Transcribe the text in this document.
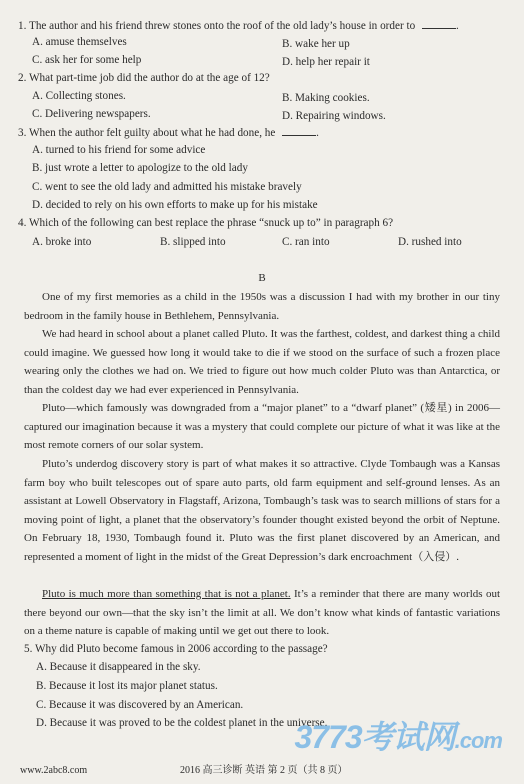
1. The author and his friend threw stones onto the roof of the old lady’s house in order to	.
A. amuse themselves	B. wake her up
C. ask her for some help	D. help her repair it
2. What part-time job did the author do at the age of 12?
A. Collecting stones.	B. Making cookies.
C. Delivering newspapers.	D. Repairing windows.
3. When the author felt guilty about what he had done, he	.
A. turned to his friend for some advice
B. just wrote a letter to apologize to the old lady
C. went to see the old lady and admitted his mistake bravely
D. decided to rely on his own efforts to make up for his mistake
4. Which of the following can best replace the phrase “snuck up to” in paragraph 6?
A. broke into	B. slipped into	C. ran into	D. rushed into
B
One of my first memories as a child in the 1950s was a discussion I had with my brother in our tiny bedroom in the family house in Bethlehem, Pennsylvania.
We had heard in school about a planet called Pluto. It was the farthest, coldest, and darkest thing a child could imagine. We guessed how long it would take to die if we stood on the surface of such a frozen place wearing only the clothes we had on. We tried to figure out how much colder Pluto was than Antarctica, or than the coldest day we had ever experienced in Pennsylvania.
Pluto—which famously was downgraded from a “major planet” to a “dwarf planet” (矮星) in 2006—captured our imagination because it was a mystery that could complete our picture of what it was like at the most remote corners of our solar system.
Pluto’s underdog discovery story is part of what makes it so attractive. Clyde Tombaugh was a Kansas farm boy who built telescopes out of spare auto parts, old farm equipment and self-ground lenses. As an assistant at Lowell Observatory in Flagstaff, Arizona, Tombaugh’s task was to search millions of stars for a moving point of light, a planet that the observatory’s founder thought existed beyond the orbit of Neptune. On February 18, 1930, Tombaugh found it. Pluto was the first planet discovered by an American, and represented a moment of light in the midst of the Great Depression’s dark encroachment（入侵）.
Pluto is much more than something that is not a planet. It’s a reminder that there are many worlds out there beyond our own—that the sky isn’t the limit at all. We don’t know what kinds of fantastic variations on a theme nature is capable of making until we get out there to look.
5. Why did Pluto become famous in 2006 according to the passage?
A. Because it disappeared in the sky.
B. Because it lost its major planet status.
C. Because it was discovered by an American.
D. Because it was proved to be the coldest planet in the universe.
3773考试网.com
www.2abc8.com	2016 高三诊断 英语 第 2 页（共 8 页）
